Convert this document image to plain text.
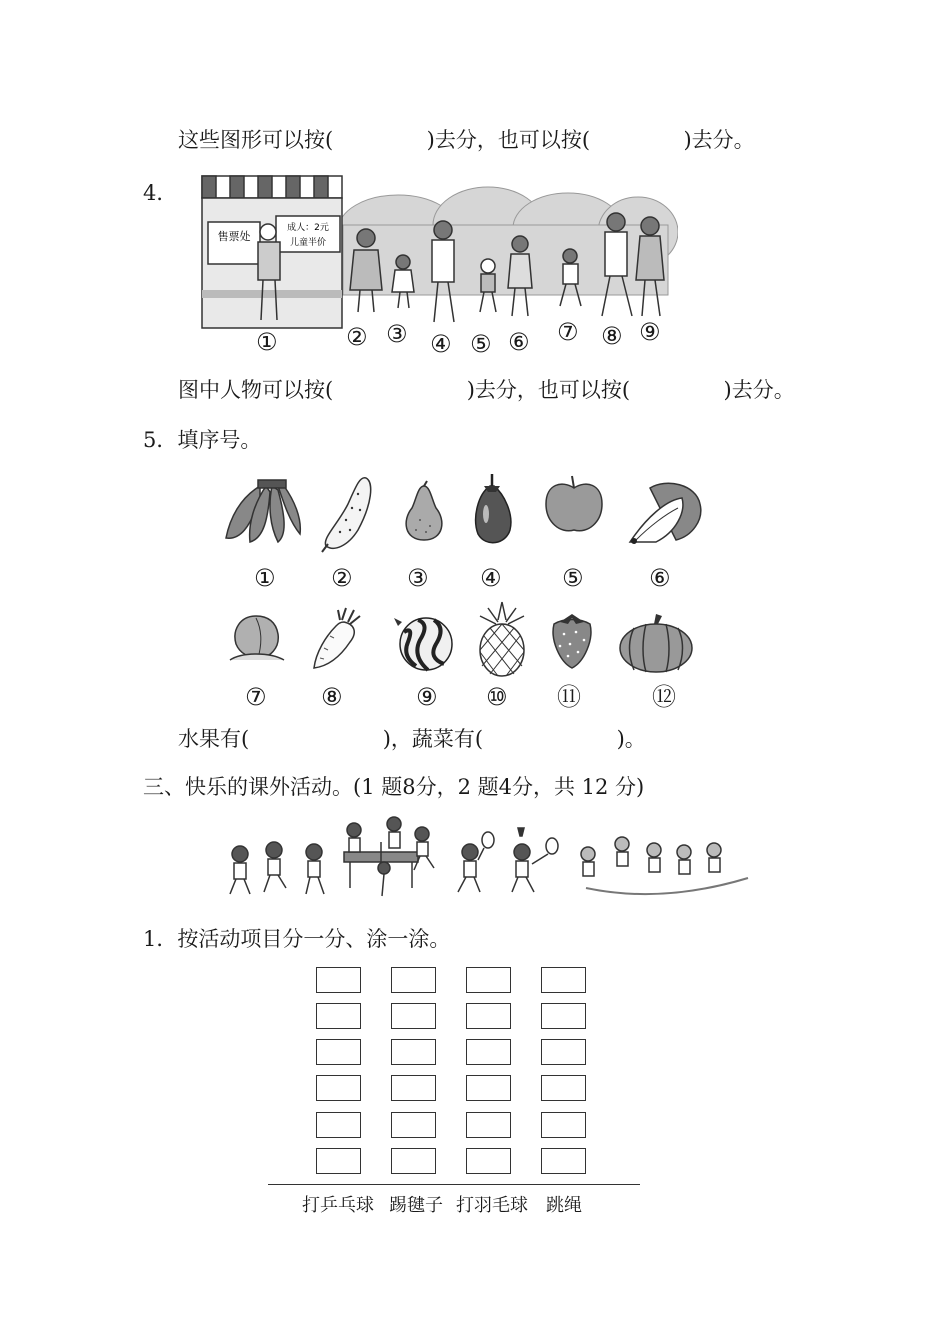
这些图形可以按(              )去分，也可以按(              )去分。
4．
售票处
成人：2元
儿童半价
①	② ③ ④ ⑤ ⑥ ⑦ ⑧ ⑨
图中人物可以按(                    )去分，也可以按(              )去分。
5．填序号。
① ② ③ ④	⑤	⑥
⑦ ⑧	⑨ ⑩ ⑪	⑫
水果有(                    )，蔬菜有(                    )。
三、快乐的课外活动。(1 题8分，2 题4分，共 12 分)
1．按活动项目分一分、涂一涂。
打乒乓球 踢毽子 打羽毛球 跳绳
